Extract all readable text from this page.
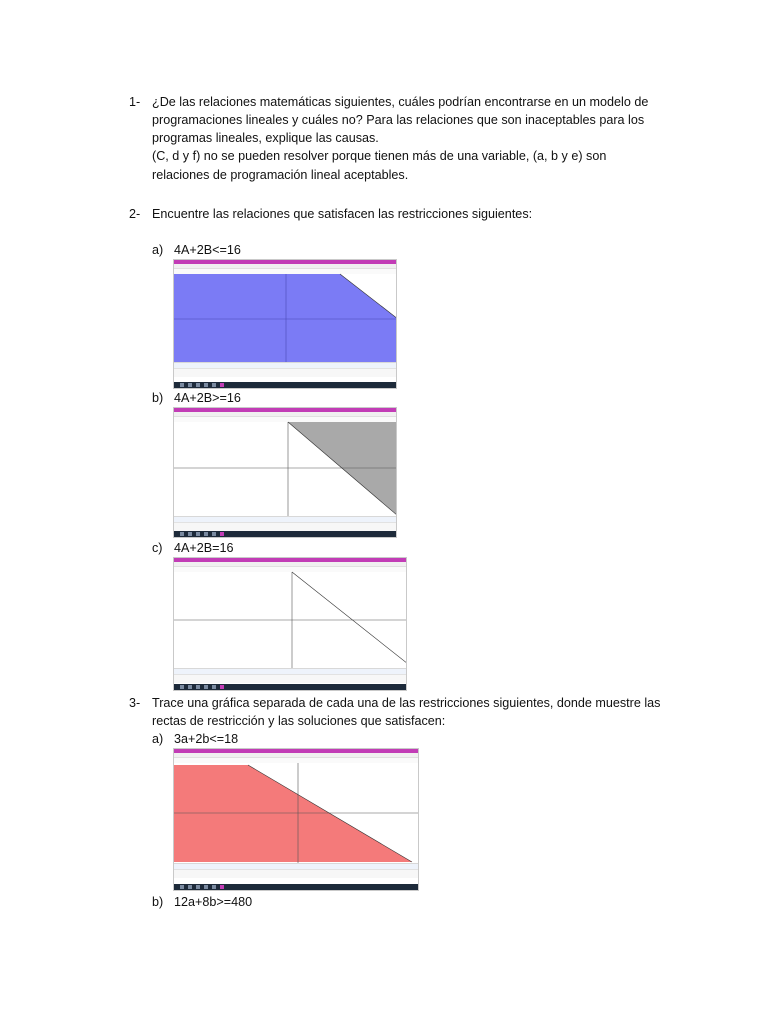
1- ¿De las relaciones matemáticas siguientes, cuáles podrían encontrarse en un modelo de
programaciones lineales y cuáles no? Para las relaciones que son inaceptables para los
programas lineales, explique las causas.
(C, d y f) no se pueden resolver porque tienen más de una variable, (a, b y e) son
relaciones de programación lineal aceptables.
2- Encuentre las relaciones que satisfacen las restricciones siguientes:
a) 4A+2B<=16
b) 4A+2B>=16
c) 4A+2B=16
3- Trace una gráfica separada de cada una de las restricciones siguientes, donde muestre las
rectas de restricción y las soluciones que satisfacen:
a) 3a+2b<=18
b) 12a+8b>=480
